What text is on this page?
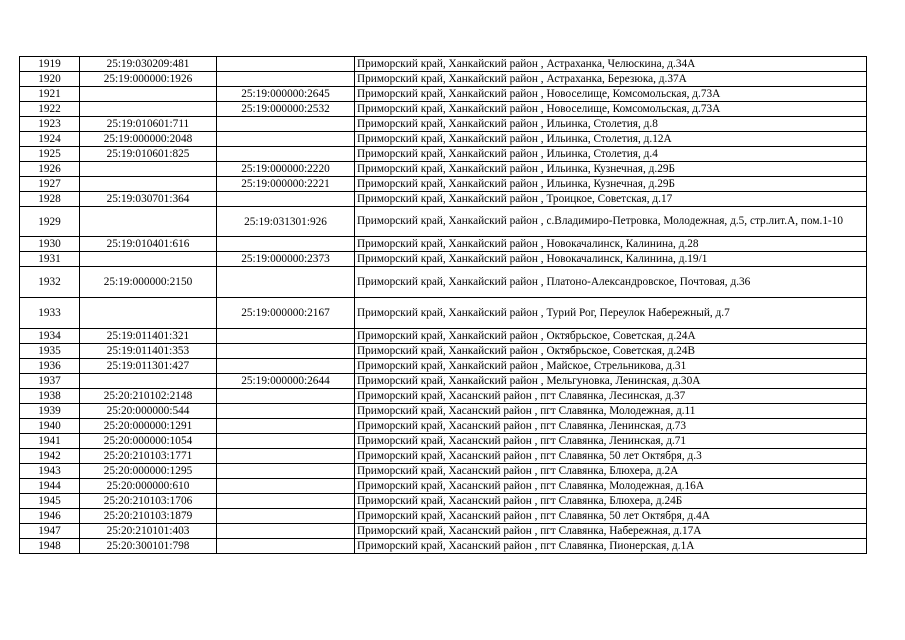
1919	25:19:030209:481		Приморский край, Ханкайский район , Астраханка, Челюскина, д.34А
1920	25:19:000000:1926		Приморский край, Ханкайский район , Астраханка, Березюка, д.37А
1921		25:19:000000:2645	Приморский край, Ханкайский район , Новоселище, Комсомольская, д.73А
1922		25:19:000000:2532	Приморский край, Ханкайский район , Новоселище, Комсомольская, д.73А
1923	25:19:010601:711		Приморский край, Ханкайский район , Ильинка, Столетия, д.8
1924	25:19:000000:2048		Приморский край, Ханкайский район , Ильинка, Столетия, д.12А
1925	25:19:010601:825		Приморский край, Ханкайский район , Ильинка, Столетия, д.4
1926		25:19:000000:2220	Приморский край, Ханкайский район , Ильинка, Кузнечная, д.29Б
1927		25:19:000000:2221	Приморский край, Ханкайский район , Ильинка, Кузнечная, д.29Б
1928	25:19:030701:364		Приморский край, Ханкайский район , Троицкое, Советская, д.17
1929		25:19:031301:926	Приморский край, Ханкайский район , с.Владимиро-Петровка, Молодежная, д.5, стр.лит.А, пом.1-10
1930	25:19:010401:616		Приморский край, Ханкайский район , Новокачалинск, Калинина, д.28
1931		25:19:000000:2373	Приморский край, Ханкайский район , Новокачалинск, Калинина, д.19/1
1932	25:19:000000:2150		Приморский край, Ханкайский район , Платоно-Александровское, Почтовая, д.36
1933		25:19:000000:2167	Приморский край, Ханкайский район , Турий Рог, Переулок Набережный, д.7
1934	25:19:011401:321		Приморский край, Ханкайский район , Октябрьское, Советская, д.24А
1935	25:19:011401:353		Приморский край, Ханкайский район , Октябрьское, Советская, д.24В
1936	25:19:011301:427		Приморский край, Ханкайский район , Майское, Стрельникова, д.31
1937		25:19:000000:2644	Приморский край, Ханкайский район , Мельгуновка, Ленинская, д.30А
1938	25:20:210102:2148		Приморский край, Хасанский район , пгт Славянка, Лесинская, д.37
1939	25:20:000000:544		Приморский край, Хасанский район , пгт Славянка, Молодежная, д.11
1940	25:20:000000:1291		Приморский край, Хасанский район , пгт Славянка, Ленинская, д.73
1941	25:20:000000:1054		Приморский край, Хасанский район , пгт Славянка, Ленинская, д.71
1942	25:20:210103:1771		Приморский край, Хасанский район , пгт Славянка, 50 лет Октября, д.3
1943	25:20:000000:1295		Приморский край, Хасанский район , пгт Славянка, Блюхера, д.2А
1944	25:20:000000:610		Приморский край, Хасанский район , пгт Славянка, Молодежная, д.16А
1945	25:20:210103:1706		Приморский край, Хасанский район , пгт Славянка, Блюхера, д.24Б
1946	25:20:210103:1879		Приморский край, Хасанский район , пгт Славянка, 50 лет Октября, д.4А
1947	25:20:210101:403		Приморский край, Хасанский район , пгт Славянка, Набережная, д.17А
1948	25:20:300101:798		Приморский край, Хасанский район , пгт Славянка, Пионерская, д.1А
